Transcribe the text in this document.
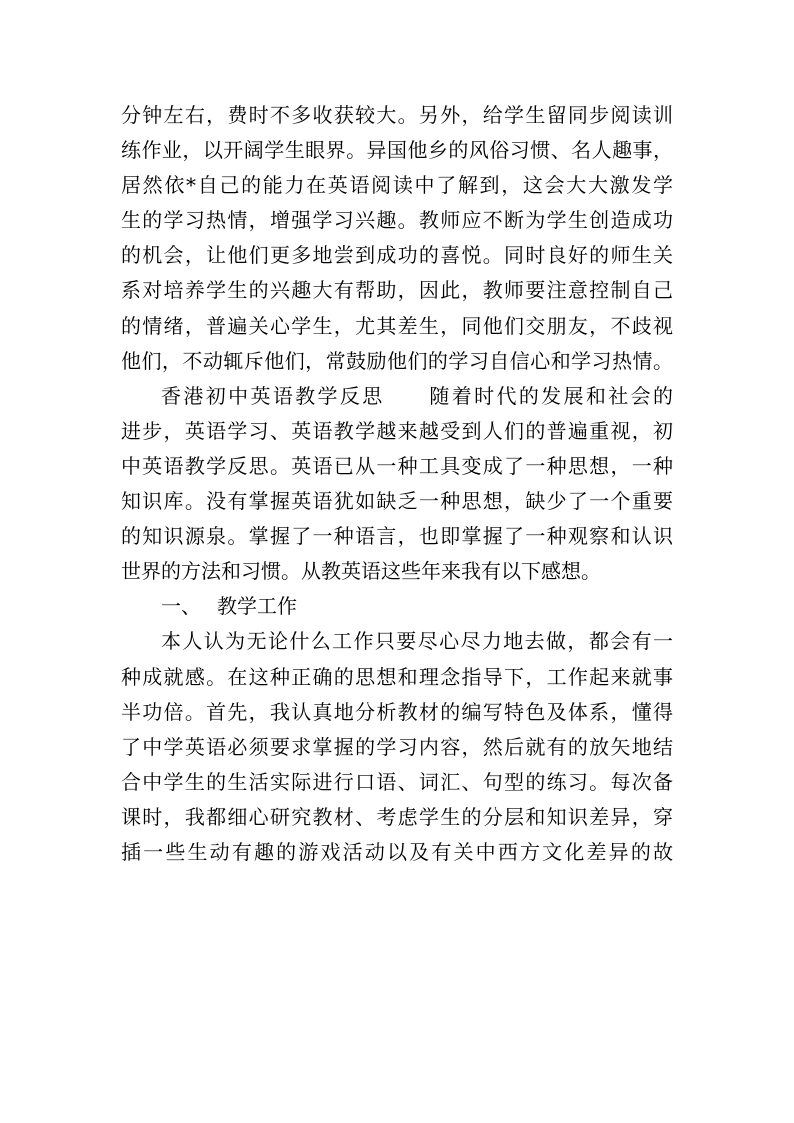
分钟左右，费时不多收获较大。另外，给学生留同步阅读训
练作业，以开阔学生眼界。异国他乡的风俗习惯、名人趣事，
居然依*自己的能力在英语阅读中了解到，这会大大激发学
生的学习热情，增强学习兴趣。教师应不断为学生创造成功
的机会，让他们更多地尝到成功的喜悦。同时良好的师生关
系对培养学生的兴趣大有帮助，因此，教师要注意控制自己
的情绪，普遍关心学生，尤其差生，同他们交朋友，不歧视
他们，不动辄斥他们，常鼓励他们的学习自信心和学习热情。
香港初中英语教学反思　　随着时代的发展和社会的
进步，英语学习、英语教学越来越受到人们的普遍重视，初
中英语教学反思。英语已从一种工具变成了一种思想，一种
知识库。没有掌握英语犹如缺乏一种思想，缺少了一个重要
的知识源泉。掌握了一种语言，也即掌握了一种观察和认识
世界的方法和习惯。从教英语这些年来我有以下感想。
一、 教学工作
本人认为无论什么工作只要尽心尽力地去做，都会有一
种成就感。在这种正确的思想和理念指导下，工作起来就事
半功倍。首先，我认真地分析教材的编写特色及体系，懂得
了中学英语必须要求掌握的学习内容，然后就有的放矢地结
合中学生的生活实际进行口语、词汇、句型的练习。每次备
课时，我都细心研究教材、考虑学生的分层和知识差异，穿
插一些生动有趣的游戏活动以及有关中西方文化差异的故
